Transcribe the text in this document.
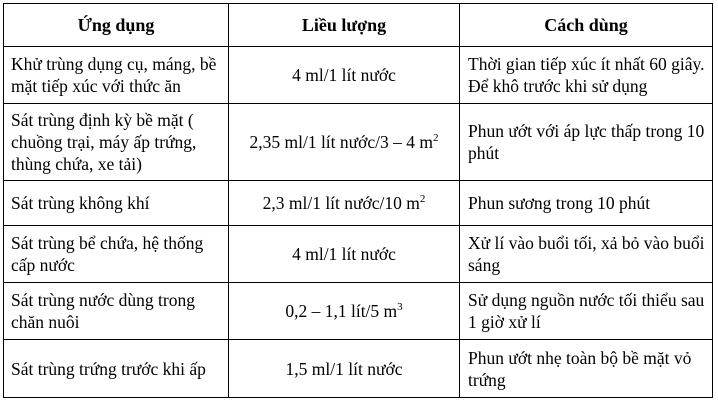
Ứng dụng	Liều lượng	Cách dùng
Khử trùng dụng cụ, máng, bề mặt tiếp xúc với thức ăn	4 ml/1 lít nước	Thời gian tiếp xúc ít nhất 60 giây. Để khô trước khi sử dụng
Sát trùng định kỳ bề mặt ( chuồng trại, máy ấp trứng, thùng chứa, xe tải)	2,35 ml/1 lít nước/3 – 4 $m^2$	Phun ướt với áp lực thấp trong 10 phút
Sát trùng không khí	2,3 ml/1 lít nước/10 $m^2$	Phun sương trong 10 phút
Sát trùng bể chứa, hệ thống cấp nước	4 ml/1 lít nước	Xử lí vào buổi tối, xả bỏ vào buổi sáng
Sát trùng nước dùng trong chăn nuôi	0,2 – 1,1 lít/5 $m^3$	Sử dụng nguồn nước tối thiểu sau 1 giờ xử lí
Sát trùng trứng trước khi ấp	1,5 ml/1 lít nước	Phun ướt nhẹ toàn bộ bề mặt vỏ trứng
